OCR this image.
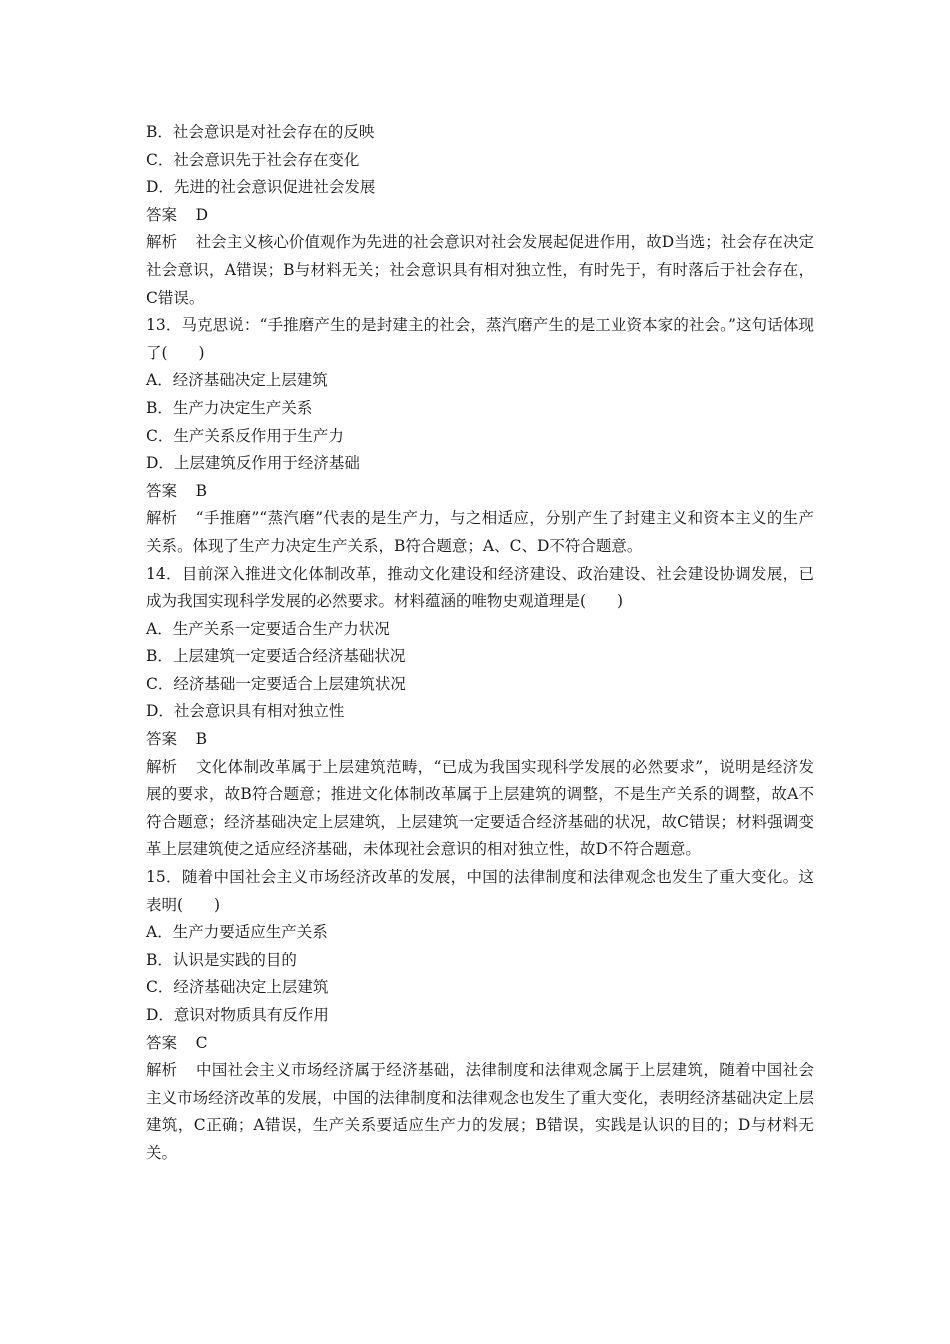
B．社会意识是对社会存在的反映

C．社会意识先于社会存在变化

D．先进的社会意识促进社会发展

答案 D

解析 社会主义核心价值观作为先进的社会意识对社会发展起促进作用，故D当选；社会存在决定社会意识，A错误；B与材料无关；社会意识具有相对独立性，有时先于，有时落后于社会存在，C错误。

13．马克思说：“手推磨产生的是封建主的社会，蒸汽磨产生的是工业资本家的社会。”这句话体现了(　　)

A．经济基础决定上层建筑

B．生产力决定生产关系

C．生产关系反作用于生产力

D．上层建筑反作用于经济基础

答案 B

解析 “手推磨”“蒸汽磨”代表的是生产力，与之相适应，分别产生了封建主义和资本主义的生产关系。体现了生产力决定生产关系，B符合题意；A、C、D不符合题意。

14．目前深入推进文化体制改革，推动文化建设和经济建设、政治建设、社会建设协调发展，已成为我国实现科学发展的必然要求。材料蕴涵的唯物史观道理是(　　)

A．生产关系一定要适合生产力状况

B．上层建筑一定要适合经济基础状况

C．经济基础一定要适合上层建筑状况

D．社会意识具有相对独立性

答案 B

解析 文化体制改革属于上层建筑范畴，“已成为我国实现科学发展的必然要求”，说明是经济发展的要求，故B符合题意；推进文化体制改革属于上层建筑的调整，不是生产关系的调整，故A不符合题意；经济基础决定上层建筑，上层建筑一定要适合经济基础的状况，故C错误；材料强调变革上层建筑使之适应经济基础，未体现社会意识的相对独立性，故D不符合题意。

15．随着中国社会主义市场经济改革的发展，中国的法律制度和法律观念也发生了重大变化。这表明(　　)

A．生产力要适应生产关系

B．认识是实践的目的

C．经济基础决定上层建筑

D．意识对物质具有反作用

答案 C

解析 中国社会主义市场经济属于经济基础，法律制度和法律观念属于上层建筑，随着中国社会主义市场经济改革的发展，中国的法律制度和法律观念也发生了重大变化，表明经济基础决定上层建筑，C正确；A错误，生产关系要适应生产力的发展；B错误，实践是认识的目的；D与材料无关。
